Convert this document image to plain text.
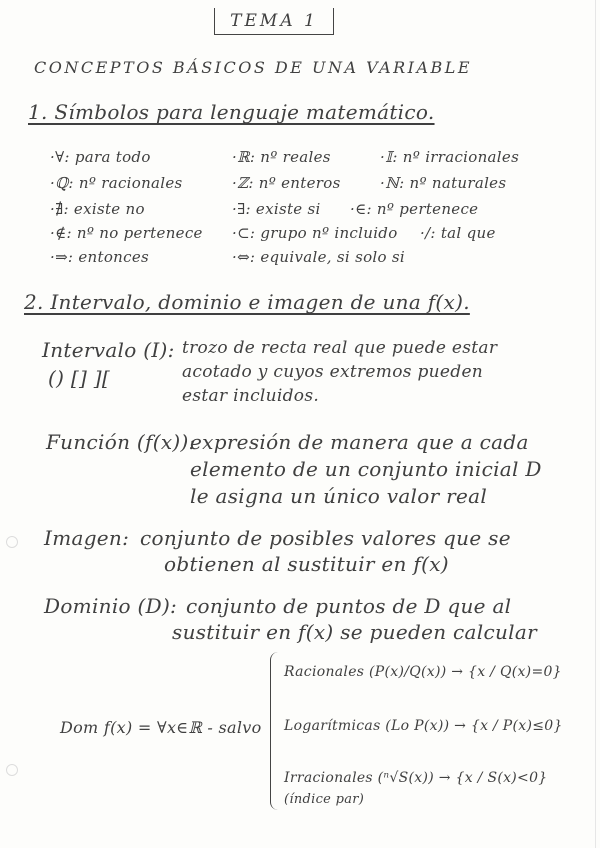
TEMA 1
CONCEPTOS BÁSICOS DE UNA VARIABLE
1. Símbolos para lenguaje matemático.
·∀: para todo	·ℝ: nº reales	·𝕀: nº irracionales
·ℚ: nº racionales	·ℤ: nº enteros	·ℕ: nº naturales
·∄: existe no	·∃: existe si ·∈: nº pertenece
·∉: nº no pertenece ·⊂: grupo nº incluido ·/: tal que
·⇒: entonces	·⇔: equivale, si solo si
2. Intervalo, dominio e imagen de una f(x).
Intervalo (I):
() [] ][
trozo de recta real que puede estar
acotado y cuyos extremos pueden
estar incluidos.
Función (f(x)):
expresión de manera que a cada
elemento de un conjunto inicial D
le asigna un único valor real
Imagen: conjunto de posibles valores que se
obtienen al sustituir en f(x)
Dominio (D): conjunto de puntos de D que al
sustituir en f(x) se pueden calcular
Dom f(x) = ∀x∈ℝ - salvo
Racionales (P(x)/Q(x)) → {x / Q(x)=0}
Logarítmicas (Lo P(x)) → {x / P(x)≤0}
Irracionales (ⁿ√S(x)) → {x / S(x)<0}
(índice par)
